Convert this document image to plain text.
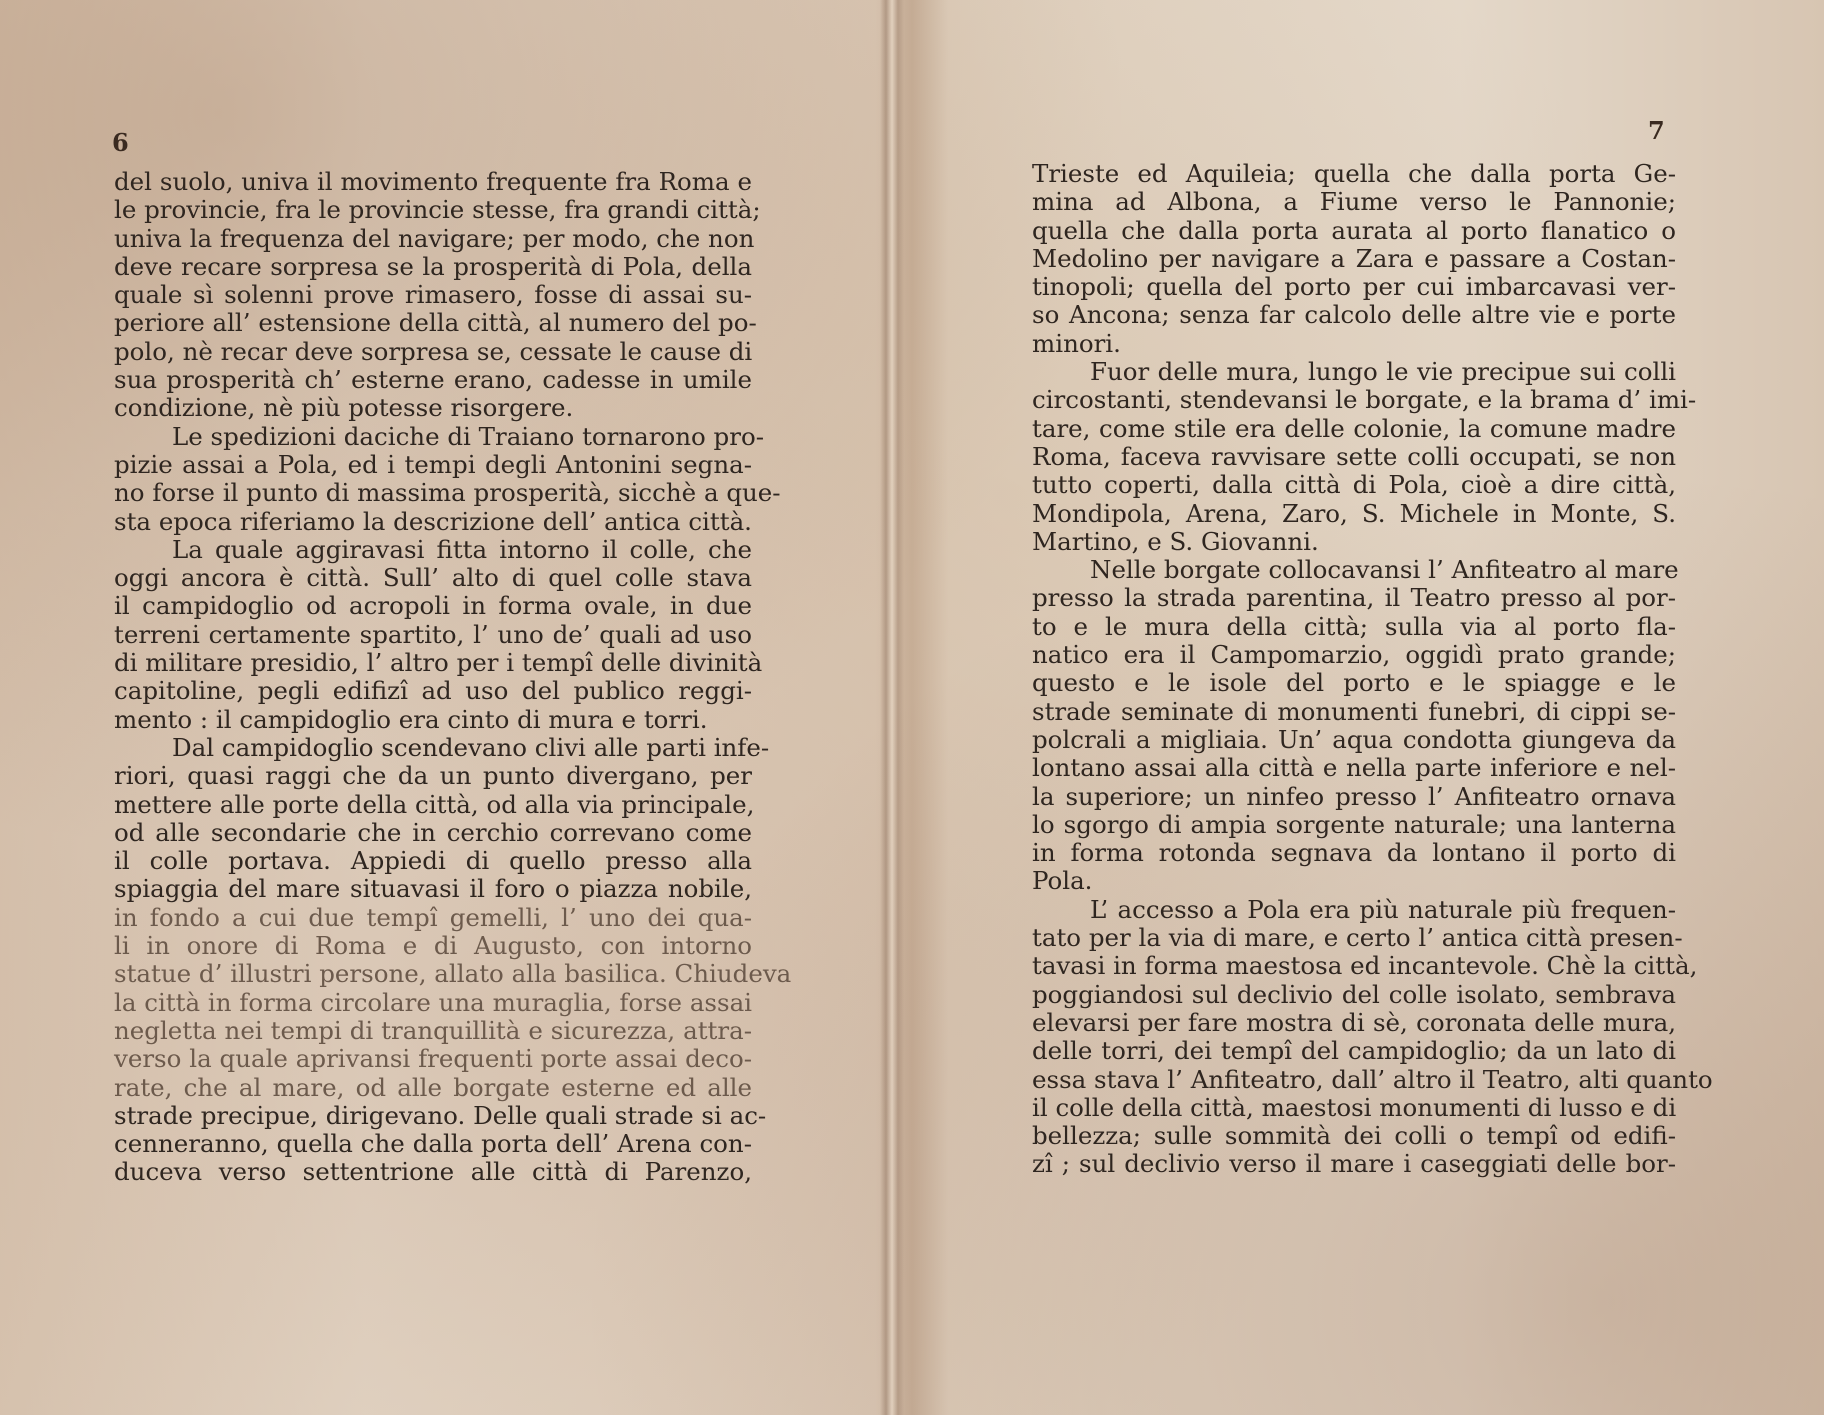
6
del suolo, univa il movimento frequente fra Roma e
le provincie, fra le provincie stesse, fra grandi città;
univa la frequenza del navigare; per modo, che non
deve recare sorpresa se la prosperità di Pola, della
quale sì solenni prove rimasero, fosse di assai su-
periore all’ estensione della città, al numero del po-
polo, nè recar deve sorpresa se, cessate le cause di
sua prosperità ch’ esterne erano, cadesse in umile
condizione, nè più potesse risorgere.
Le spedizioni daciche di Traiano tornarono pro-
pizie assai a Pola, ed i tempi degli Antonini segna-
no forse il punto di massima prosperità, sicchè a que-
sta epoca riferiamo la descrizione dell’ antica città.
La quale aggiravasi fitta intorno il colle, che
oggi ancora è città. Sull’ alto di quel colle stava
il campidoglio od acropoli in forma ovale, in due
terreni certamente spartito, l’ uno de’ quali ad uso
di militare presidio, l’ altro per i tempî delle divinità
capitoline, pegli edifizî ad uso del publico reggi-
mento : il campidoglio era cinto di mura e torri.
Dal campidoglio scendevano clivi alle parti infe-
riori, quasi raggi che da un punto divergano, per
mettere alle porte della città, od alla via principale,
od alle secondarie che in cerchio correvano come
il colle portava. Appiedi di quello presso alla
spiaggia del mare situavasi il foro o piazza nobile,
in fondo a cui due tempî gemelli, l’ uno dei qua-
li in onore di Roma e di Augusto, con intorno
statue d’ illustri persone, allato alla basilica. Chiudeva
la città in forma circolare una muraglia, forse assai
negletta nei tempi di tranquillità e sicurezza, attra-
verso la quale aprivansi frequenti porte assai deco-
rate, che al mare, od alle borgate esterne ed alle
strade precipue, dirigevano. Delle quali strade si ac-
cenneranno, quella che dalla porta dell’ Arena con-
duceva verso settentrione alle città di Parenzo,
7
Trieste ed Aquileia; quella che dalla porta Ge-
mina ad Albona, a Fiume verso le Pannonie;
quella che dalla porta aurata al porto flanatico o
Medolino per navigare a Zara e passare a Costan-
tinopoli; quella del porto per cui imbarcavasi ver-
so Ancona; senza far calcolo delle altre vie e porte
minori.
Fuor delle mura, lungo le vie precipue sui colli
circostanti, stendevansi le borgate, e la brama d’ imi-
tare, come stile era delle colonie, la comune madre
Roma, faceva ravvisare sette colli occupati, se non
tutto coperti, dalla città di Pola, cioè a dire città,
Mondipola, Arena, Zaro, S. Michele in Monte, S.
Martino, e S. Giovanni.
Nelle borgate collocavansi l’ Anfiteatro al mare
presso la strada parentina, il Teatro presso al por-
to e le mura della città; sulla via al porto fla-
natico era il Campomarzio, oggidì prato grande;
questo e le isole del porto e le spiagge e le
strade seminate di monumenti funebri, di cippi se-
polcrali a migliaia. Un’ aqua condotta giungeva da
lontano assai alla città e nella parte inferiore e nel-
la superiore; un ninfeo presso l’ Anfiteatro ornava
lo sgorgo di ampia sorgente naturale; una lanterna
in forma rotonda segnava da lontano il porto di
Pola.
L’ accesso a Pola era più naturale più frequen-
tato per la via di mare, e certo l’ antica città presen-
tavasi in forma maestosa ed incantevole. Chè la città,
poggiandosi sul declivio del colle isolato, sembrava
elevarsi per fare mostra di sè, coronata delle mura,
delle torri, dei tempî del campidoglio; da un lato di
essa stava l’ Anfiteatro, dall’ altro il Teatro, alti quanto
il colle della città, maestosi monumenti di lusso e di
bellezza; sulle sommità dei colli o tempî od edifi-
zî ; sul declivio verso il mare i caseggiati delle bor-
